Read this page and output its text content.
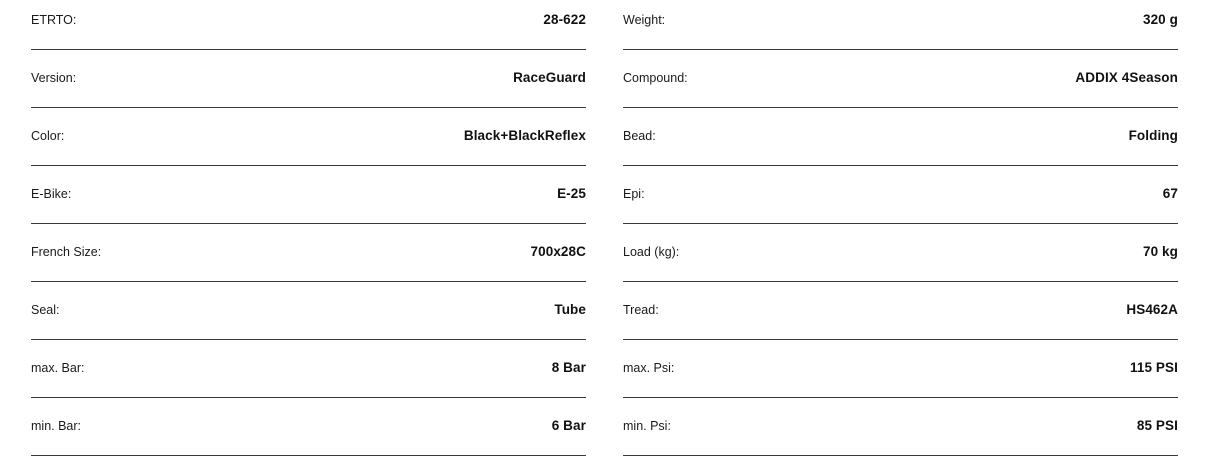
ETRTO:	28-622
Version:	RaceGuard
Color:	Black+BlackReflex
E-Bike:	E-25
French Size:	700x28C
Seal:	Tube
max. Bar:	8 Bar
min. Bar:	6 Bar
Weight:	320 g
Compound:	ADDIX 4Season
Bead:	Folding
Epi:	67
Load (kg):	70 kg
Tread:	HS462A
max. Psi:	115 PSI
min. Psi:	85 PSI
